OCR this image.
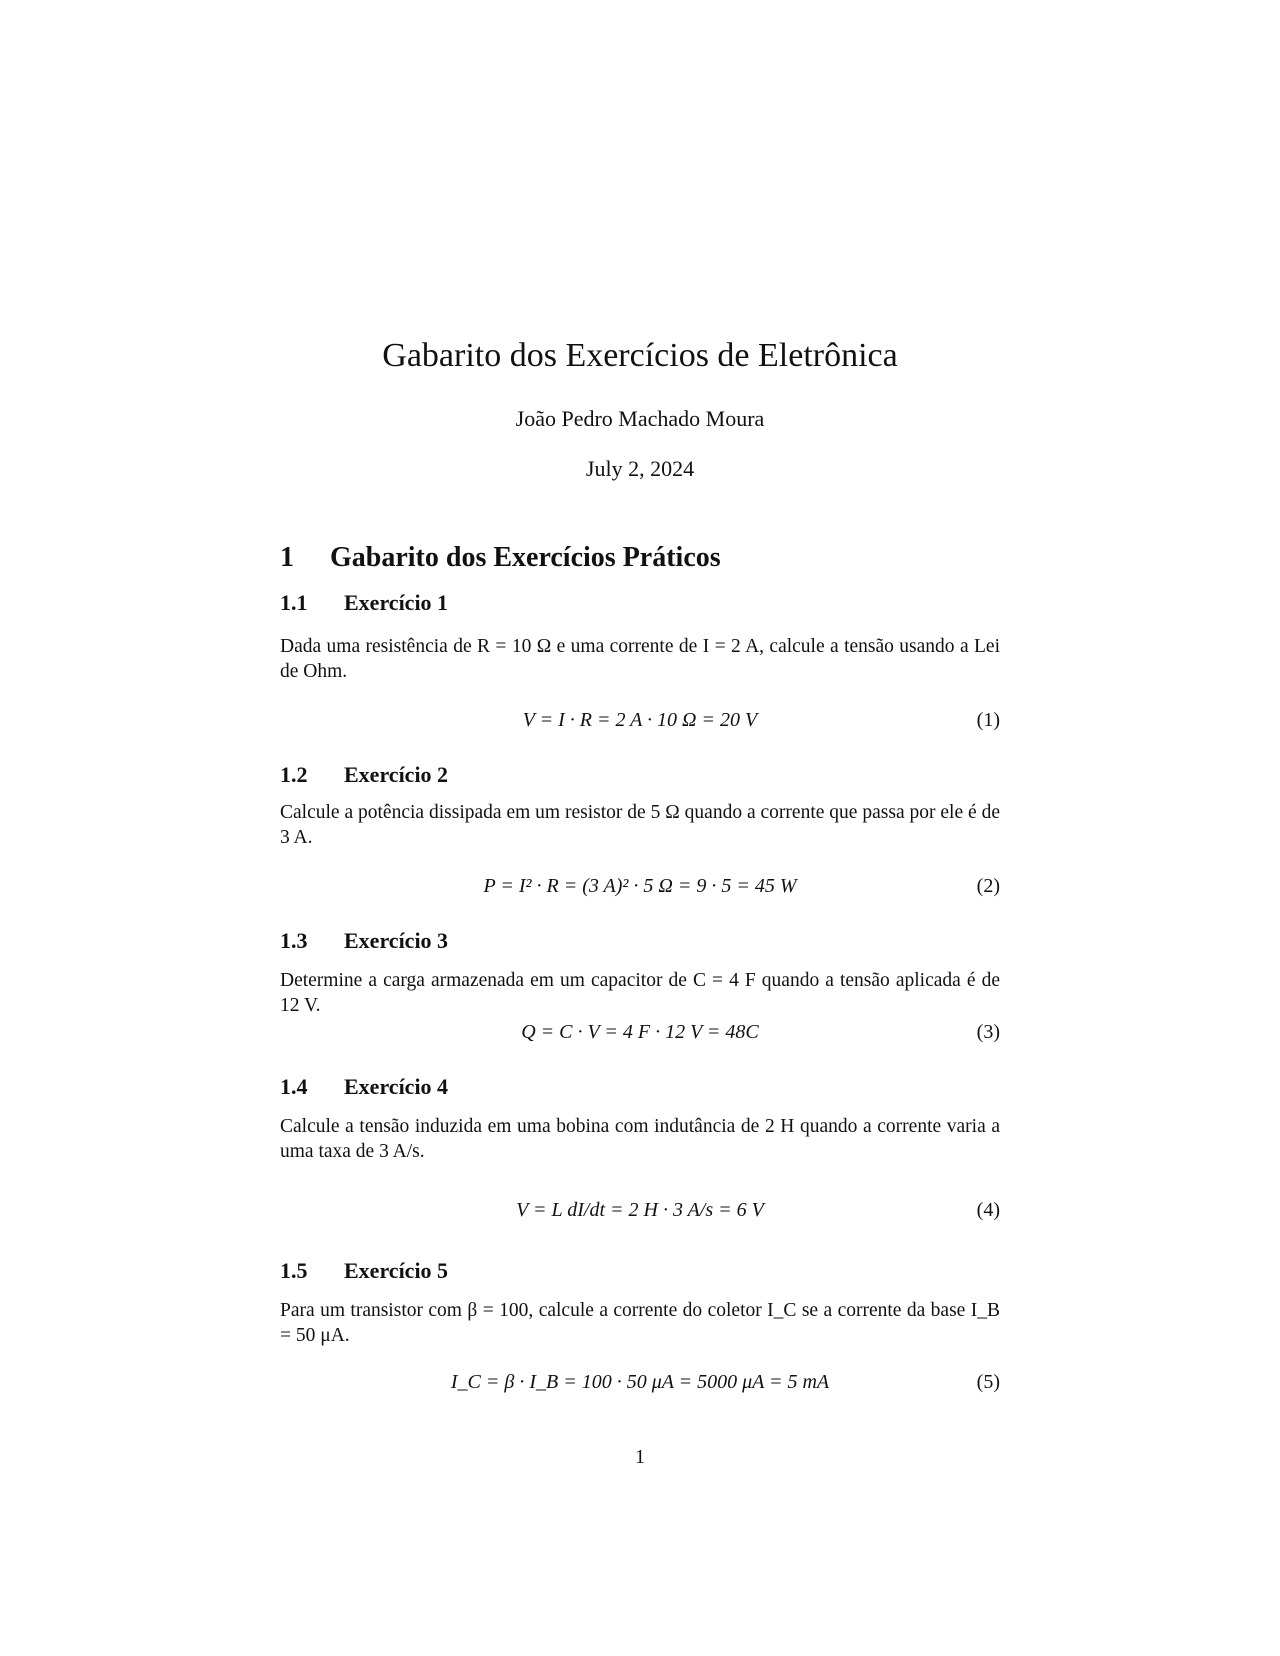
Gabarito dos Exercícios de Eletrônica
João Pedro Machado Moura
July 2, 2024
1 Gabarito dos Exercícios Práticos
1.1 Exercício 1
Dada uma resistência de R = 10 Ω e uma corrente de I = 2 A, calcule a tensão usando a Lei de Ohm.
V = I · R = 2 A · 10 Ω = 20 V	(1)
1.2 Exercício 2
Calcule a potência dissipada em um resistor de 5 Ω quando a corrente que passa por ele é de 3 A.
P = I² · R = (3 A)² · 5 Ω = 9 · 5 = 45 W	(2)
1.3 Exercício 3
Determine a carga armazenada em um capacitor de C = 4 F quando a tensão aplicada é de 12 V.
Q = C · V = 4 F · 12 V = 48C	(3)
1.4 Exercício 4
Calcule a tensão induzida em uma bobina com indutância de 2 H quando a corrente varia a uma taxa de 3 A/s.
V = L dI/dt = 2 H · 3 A/s = 6 V	(4)
1.5 Exercício 5
Para um transistor com β = 100, calcule a corrente do coletor I_C se a corrente da base I_B = 50 μA.
I_C = β · I_B = 100 · 50 μA = 5000 μA = 5 mA	(5)
1
